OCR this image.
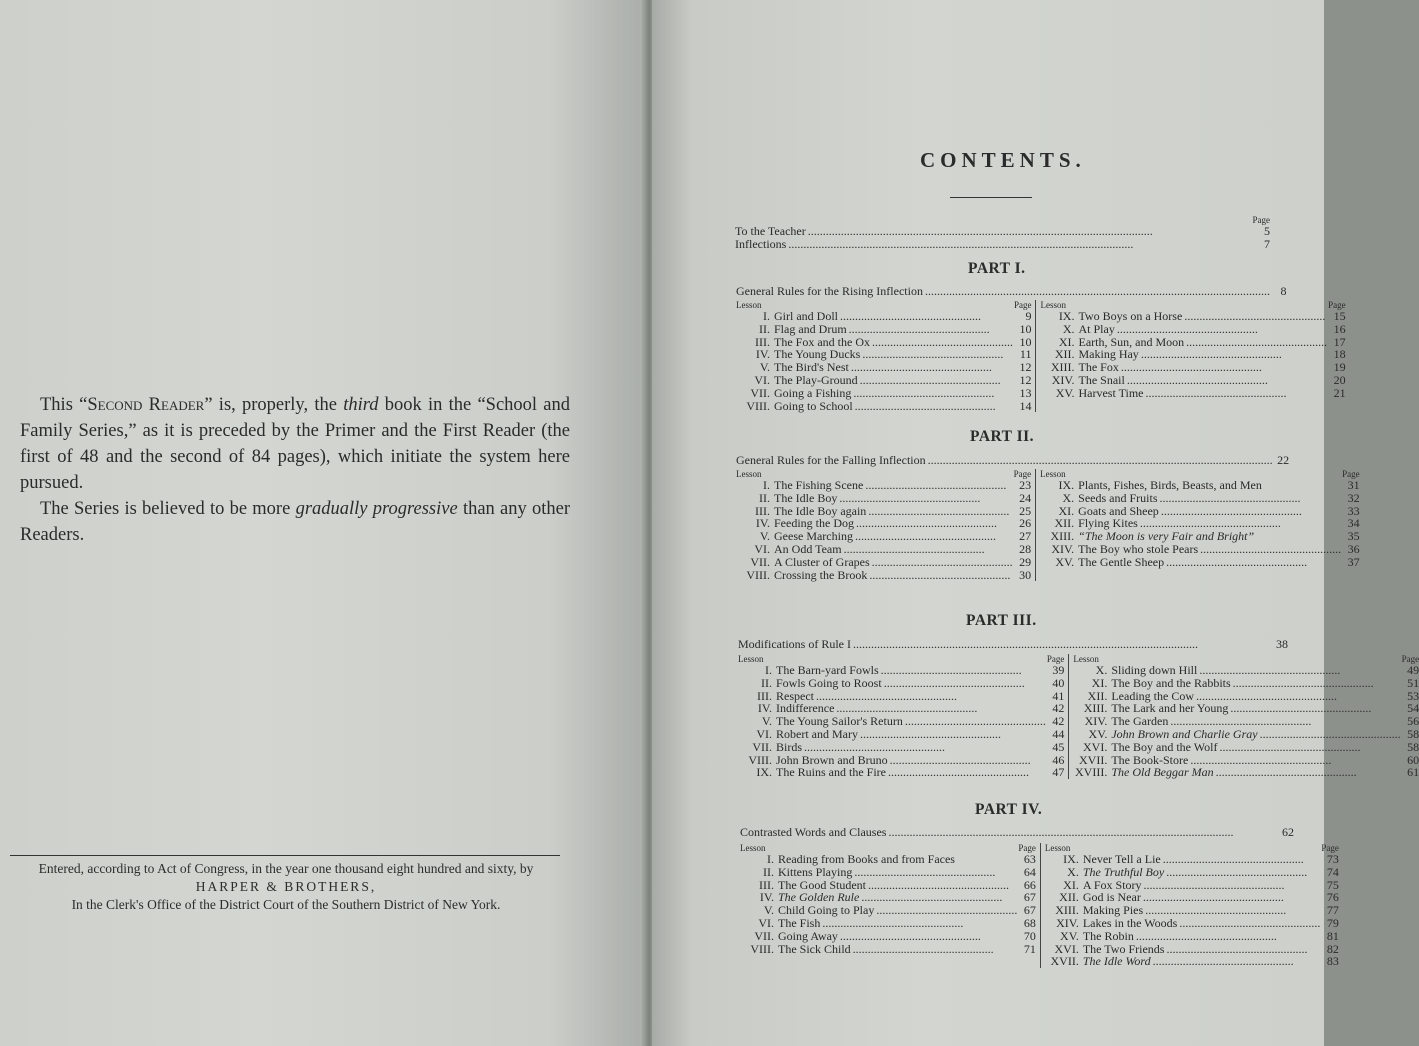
This “Second Reader” is, properly, the third book in the “School and Family Series,” as it is preceded by the Primer and the First Reader (the first of 48 and the second of 84 pages), which initiate the system here pursued.

The Series is believed to be more gradually progressive than any other Readers.

Entered, according to Act of Congress, in the year one thousand eight hundred and sixty, by
HARPER & BROTHERS,
In the Clerk's Office of the District Court of the Southern District of New York.
CONTENTS.
Page
To the Teacher . . .	5
Inflections . . .	7
PART I.
General Rules for the Rising Inflection . . .	8
Lesson	Page
I. Girl and Doll . . .	9
II. Flag and Drum . . .	10
III. The Fox and the Ox . . .	10
IV. The Young Ducks . . .	11
V. The Bird's Nest . . .	12
VI. The Play-Ground . . .	12
VII. Going a Fishing . . .	13
VIII. Going to School . . .	14
Lesson	Page
IX. Two Boys on a Horse . . .	15
X. At Play . . .	16
XI. Earth, Sun, and Moon . . .	17
XII. Making Hay . . .	18
XIII. The Fox . . .	19
XIV. The Snail . . .	20
XV. Harvest Time . . .	21
PART II.
General Rules for the Falling Inflection . . .	22
Lesson	Page
I. The Fishing Scene . . .	23
II. The Idle Boy . . .	24
III. The Idle Boy again . . .	25
IV. Feeding the Dog . . .	26
V. Geese Marching . . .	27
VI. An Odd Team . . .	28
VII. A Cluster of Grapes . . .	29
VIII. Crossing the Brook . . .	30
Lesson	Page
IX. Plants, Fishes, Birds, Beasts, and Men	31
X. Seeds and Fruits . . .	32
XI. Goats and Sheep . . .	33
XII. Flying Kites . . .	34
XIII. “The Moon is very Fair and Bright”	35
XIV. The Boy who stole Pears . . .	36
XV. The Gentle Sheep . . .	37
PART III.
Modifications of Rule I . . .	38
Lesson	Page
I. The Barn-yard Fowls . . .	39
II. Fowls Going to Roost . . .	40
III. Respect . . .	41
IV. Indifference . . .	42
V. The Young Sailor's Return . . .	42
VI. Robert and Mary . . .	44
VII. Birds . . .	45
VIII. John Brown and Bruno . . .	46
IX. The Ruins and the Fire . . .	47
Lesson	Page
X. Sliding down Hill . . .	49
XI. The Boy and the Rabbits . . .	51
XII. Leading the Cow . . .	53
XIII. The Lark and her Young . . .	54
XIV. The Garden . . .	56
XV. John Brown and Charlie Gray . . .	58
XVI. The Boy and the Wolf . . .	58
XVII. The Book-Store . . .	60
XVIII. The Old Beggar Man . . .	61
PART IV.
Contrasted Words and Clauses . . .	62
Lesson	Page
I. Reading from Books and from Faces	63
II. Kittens Playing . . .	64
III. The Good Student . . .	66
IV. The Golden Rule . . .	67
V. Child Going to Play . . .	67
VI. The Fish . . .	68
VII. Going Away . . .	70
VIII. The Sick Child . . .	71
Lesson	Page
IX. Never Tell a Lie . . .	73
X. The Truthful Boy . . .	74
XI. A Fox Story . . .	75
XII. God is Near . . .	76
XIII. Making Pies . . .	77
XIV. Lakes in the Woods . . .	79
XV. The Robin . . .	81
XVI. The Two Friends . . .	82
XVII. The Idle Word . . .	83
